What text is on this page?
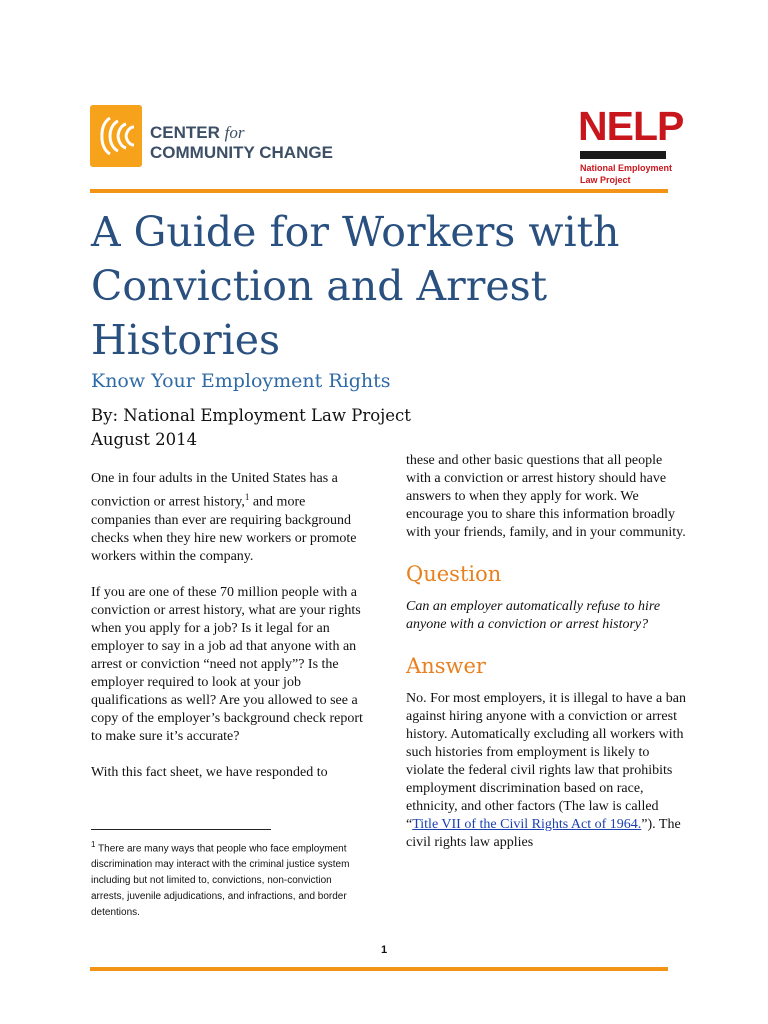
CENTER for
COMMUNITY CHANGE
NELP
National Employment
Law Project
A Guide for Workers with Conviction and Arrest Histories
Know Your Employment Rights
By: National Employment Law Project
August 2014

One in four adults in the United States has a conviction or arrest history,$^1$ and more companies than ever are requiring background checks when they hire new workers or promote workers within the company.

If you are one of these 70 million people with a conviction or arrest history, what are your rights when you apply for a job? Is it legal for an employer to say in a job ad that anyone with an arrest or conviction “need not apply”? Is the employer required to look at your job qualifications as well? Are you allowed to see a copy of the employer’s background check report to make sure it’s accurate?

With this fact sheet, we have responded to

these and other basic questions that all people with a conviction or arrest history should have answers to when they apply for work. We encourage you to share this information broadly with your friends, family, and in your community.

Question

Can an employer automatically refuse to hire anyone with a conviction or arrest history?

Answer

No. For most employers, it is illegal to have a ban against hiring anyone with a conviction or arrest history. Automatically excluding all workers with such histories from employment is likely to violate the federal civil rights law that prohibits employment discrimination based on race, ethnicity, and other factors (The law is called “Title VII of the Civil Rights Act of 1964.”). The civil rights law applies

$^1$ There are many ways that people who face employment discrimination may interact with the criminal justice system including but not limited to, convictions, non-conviction arrests, juvenile adjudications, and infractions, and border detentions.
1
